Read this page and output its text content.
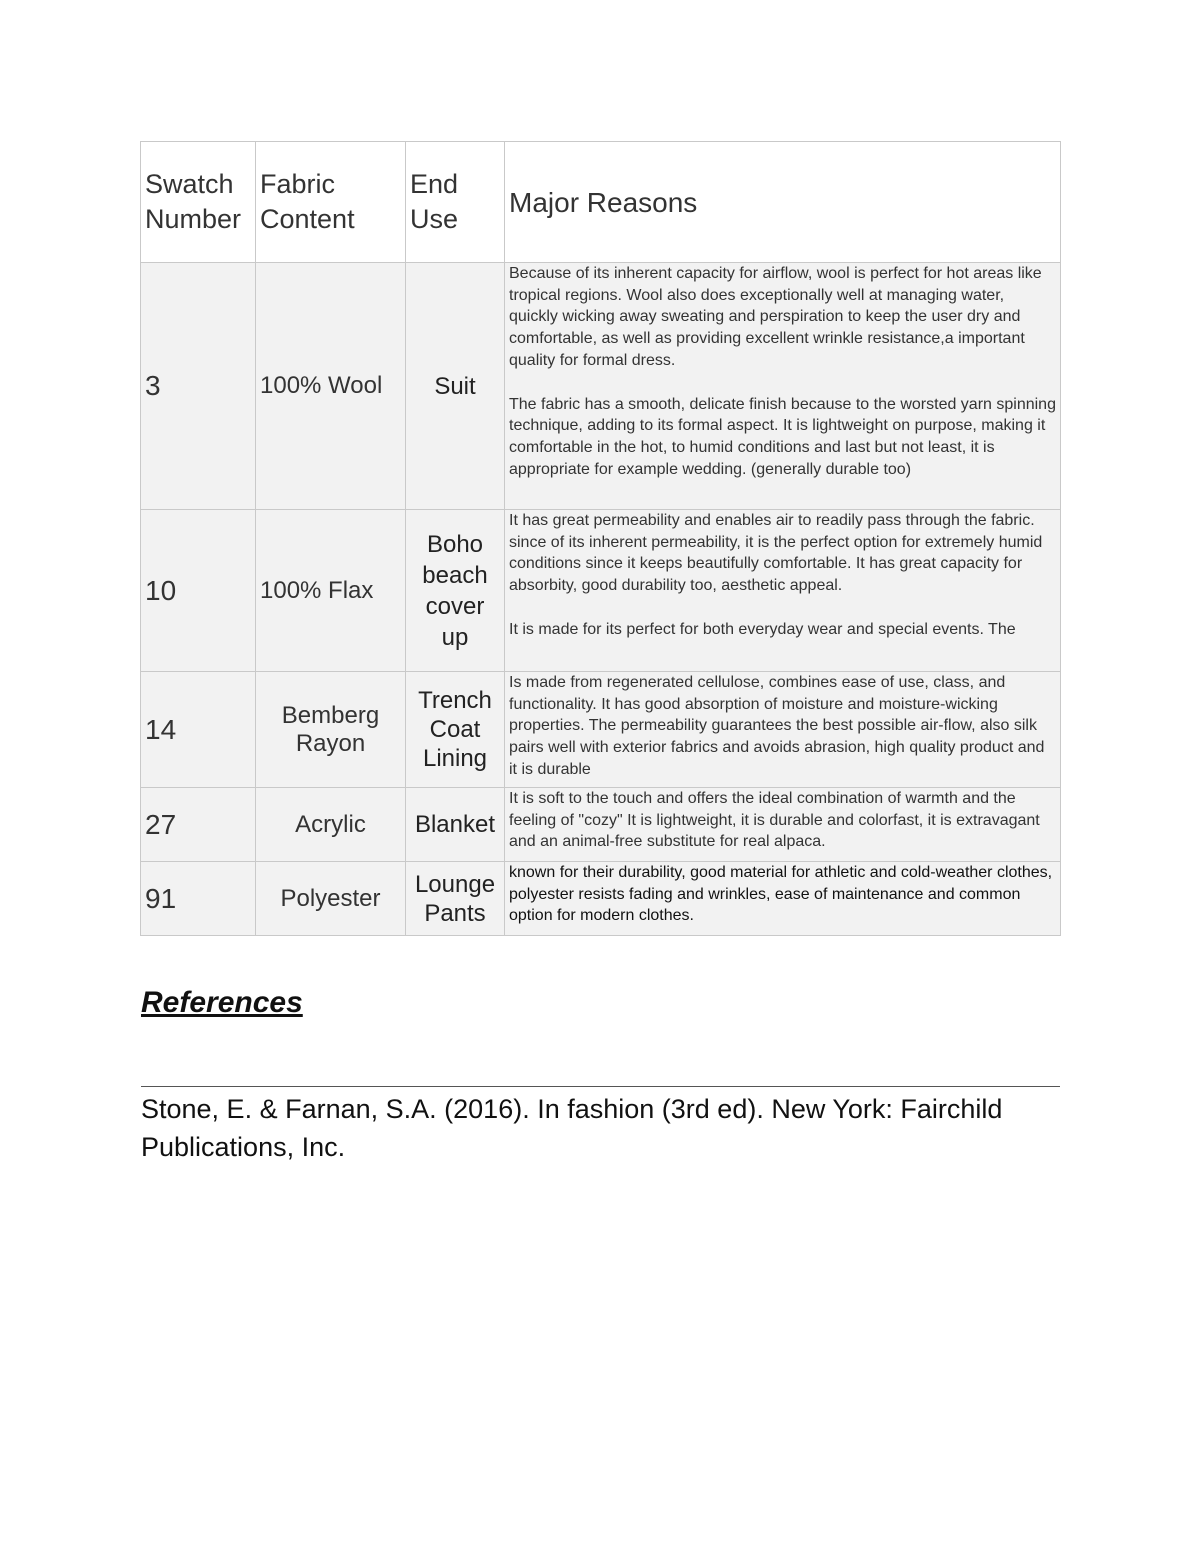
Swatch Number	Fabric Content	End Use	Major Reasons
3	100% Wool	Suit	Because of its inherent capacity for airflow, wool is perfect for hot areas like tropical regions. Wool also does exceptionally well at managing water, quickly wicking away sweating and perspiration to keep the user dry and comfortable, as well as providing excellent wrinkle resistance,a important quality for formal dress.

The fabric has a smooth, delicate finish because to the worsted yarn spinning technique, adding to its formal aspect. It is lightweight on purpose, making it comfortable in the hot, to humid conditions and last but not least, it is appropriate for example wedding. (generally durable too)

10	100% Flax	Boho beach cover up	It has great permeability and enables air to readily pass through the fabric. since of its inherent permeability, it is the perfect option for extremely humid conditions since it keeps beautifully comfortable. It has great capacity for absorbity, good durability too, aesthetic appeal.

It is made for its perfect for both everyday wear and special events. The

14	Bemberg Rayon	Trench Coat Lining	Is made from regenerated cellulose, combines ease of use, class, and functionality. It has good absorption of moisture and moisture-wicking properties. The permeability guarantees the best possible air-flow, also silk pairs well with exterior fabrics and avoids abrasion, high quality product and it is durable

27	Acrylic	Blanket	It is soft to the touch and offers the ideal combination of warmth and the feeling of "cozy" It is lightweight, it is durable and colorfast, it is extravagant and an animal-free substitute for real alpaca.

91	Polyester	Lounge Pants	known for their durability, good material for athletic and cold-weather clothes, polyester resists fading and wrinkles, ease of maintenance and common option for modern clothes.

References

Stone, E. & Farnan, S.A. (2016). In fashion (3rd ed). New York: Fairchild Publications, Inc.
